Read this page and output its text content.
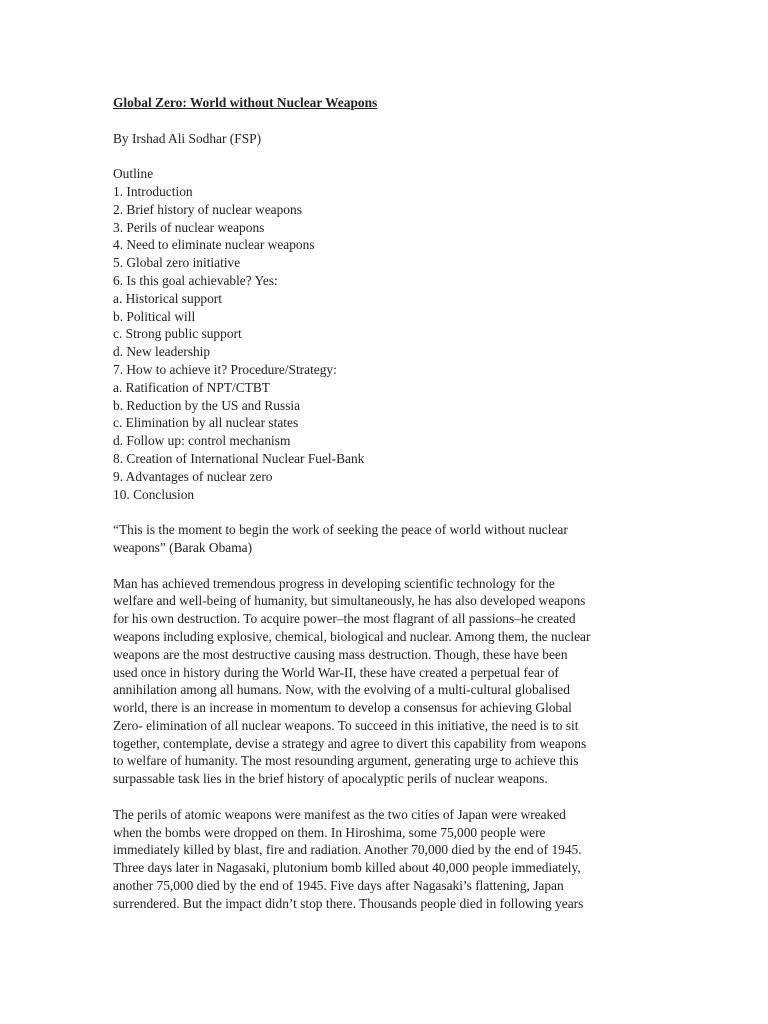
Global Zero: World without Nuclear Weapons

By Irshad Ali Sodhar (FSP)

Outline

1. Introduction
2. Brief history of nuclear weapons
3. Perils of nuclear weapons
4. Need to eliminate nuclear weapons
5. Global zero initiative
6. Is this goal achievable? Yes:
a. Historical support
b. Political will
c. Strong public support
d. New leadership
7. How to achieve it? Procedure/Strategy:
a. Ratification of NPT/CTBT
b. Reduction by the US and Russia
c. Elimination by all nuclear states
d. Follow up: control mechanism
8. Creation of International Nuclear Fuel-Bank
9. Advantages of nuclear zero
10. Conclusion

“This is the moment to begin the work of seeking the peace of world without nuclear
weapons” (Barak Obama)

Man has achieved tremendous progress in developing scientific technology for the
welfare and well-being of humanity, but simultaneously, he has also developed weapons
for his own destruction. To acquire power–the most flagrant of all passions–he created
weapons including explosive, chemical, biological and nuclear. Among them, the nuclear
weapons are the most destructive causing mass destruction. Though, these have been
used once in history during the World War-II, these have created a perpetual fear of
annihilation among all humans. Now, with the evolving of a multi-cultural globalised
world, there is an increase in momentum to develop a consensus for achieving Global
Zero- elimination of all nuclear weapons. To succeed in this initiative, the need is to sit
together, contemplate, devise a strategy and agree to divert this capability from weapons
to welfare of humanity. The most resounding argument, generating urge to achieve this
surpassable task lies in the brief history of apocalyptic perils of nuclear weapons.

The perils of atomic weapons were manifest as the two cities of Japan were wreaked
when the bombs were dropped on them. In Hiroshima, some 75,000 people were
immediately killed by blast, fire and radiation. Another 70,000 died by the end of 1945.
Three days later in Nagasaki, plutonium bomb killed about 40,000 people immediately,
another 75,000 died by the end of 1945. Five days after Nagasaki’s flattening, Japan
surrendered. But the impact didn’t stop there. Thousands people died in following years
